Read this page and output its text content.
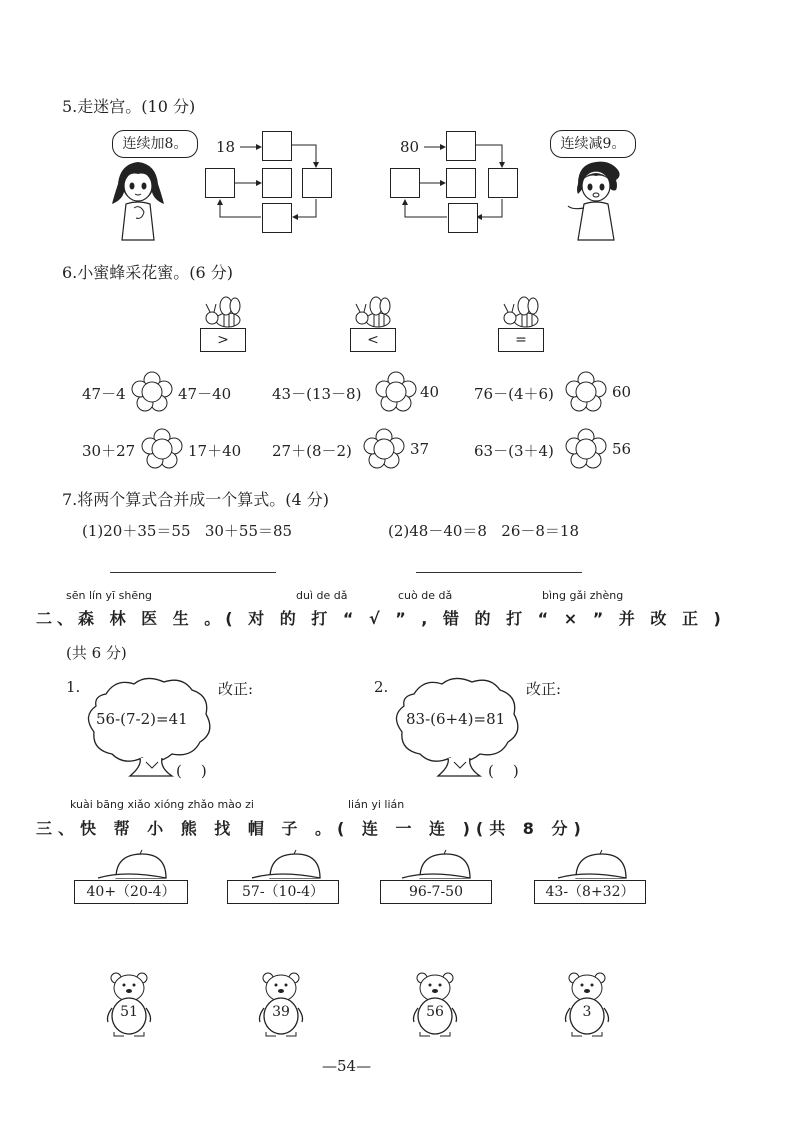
5.走迷宫。(10 分)
连续加8。	连续减9。
18	80
6.小蜜蜂采花蜜。(6 分)
>	<	=
47－4	47－40	43－(13－8)	40 76－(4＋6)	60
30＋27	17＋40 27＋(8－2)	37	63－(3＋4)	56
7.将两个算式合并成一个算式。(4 分)
(1)20＋35＝55   30＋55＝85	(2)48－40＝8   26－8＝18
sēn lín yī shēng	duì de dǎ	cuò de dǎ	bìng gǎi zhèng
二、森 林 医 生 。( 对 的 打 “ √ ” , 错 的 打 “ × ” 并 改 正 )
(共 6 分)
1.
56-(7-2)=41
(    )
改正:	2.
83-(6+4)=81
(    )
改正:
kuài bāng xiǎo xióng zhǎo mào zi	lián yi lián
三、快 帮 小 熊 找 帽 子 。( 连 一 连 )(共 8 分)
40+（20-4）	57-（10-4）	96-7-50	43-（8+32）
51	39	56	3
—54—
